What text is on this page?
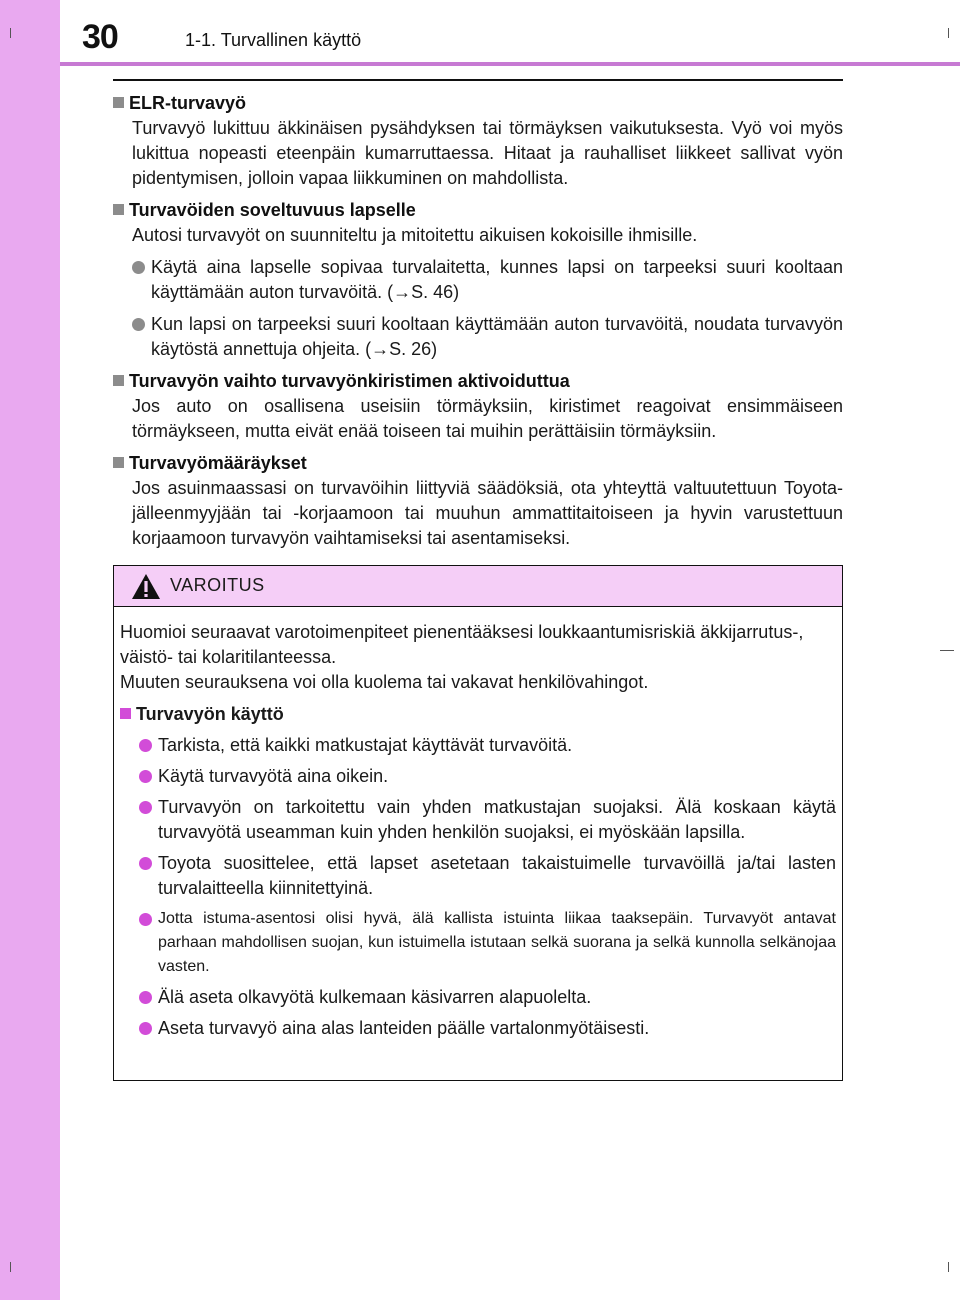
30	1-1. Turvallinen käyttö
ELR-turvavyö
Turvavyö lukittuu äkkinäisen pysähdyksen tai törmäyksen vaikutuksesta. Vyö voi myös lukittua nopeasti eteenpäin kumarruttaessa. Hitaat ja rauhalliset liikkeet sallivat vyön pidentymisen, jolloin vapaa liikkuminen on mahdollista.
Turvavöiden soveltuvuus lapselle
Autosi turvavyöt on suunniteltu ja mitoitettu aikuisen kokoisille ihmisille.
Käytä aina lapselle sopivaa turvalaitetta, kunnes lapsi on tarpeeksi suuri kooltaan käyttämään auton turvavöitä. (→S. 46)
Kun lapsi on tarpeeksi suuri kooltaan käyttämään auton turvavöitä, noudata turvavyön käytöstä annettuja ohjeita. (→S. 26)
Turvavyön vaihto turvavyönkiristimen aktivoiduttua
Jos auto on osallisena useisiin törmäyksiin, kiristimet reagoivat ensimmäiseen törmäykseen, mutta eivät enää toiseen tai muihin perättäisiin törmäyksiin.
Turvavyömääräykset
Jos asuinmaassasi on turvavöihin liittyviä säädöksiä, ota yhteyttä valtuutettuun Toyota-jälleenmyyjään tai -korjaamoon tai muuhun ammattitaitoiseen ja hyvin varustettuun korjaamoon turvavyön vaihtamiseksi tai asentamiseksi.
VAROITUS
Huomioi seuraavat varotoimenpiteet pienentääksesi loukkaantumisriskiä äkkijarrutus-, väistö- tai kolaritilanteessa.
Muuten seurauksena voi olla kuolema tai vakavat henkilövahingot.
Turvavyön käyttö
Tarkista, että kaikki matkustajat käyttävät turvavöitä.
Käytä turvavyötä aina oikein.
Turvavyön on tarkoitettu vain yhden matkustajan suojaksi. Älä koskaan käytä turvavyötä useamman kuin yhden henkilön suojaksi, ei myöskään lapsilla.
Toyota suosittelee, että lapset asetetaan takaistuimelle turvavöillä ja/tai lasten turvalaitteella kiinnitettyinä.
Jotta istuma-asentosi olisi hyvä, älä kallista istuinta liikaa taaksepäin. Turvavyöt antavat parhaan mahdollisen suojan, kun istuimella istutaan selkä suorana ja selkä kunnolla selkänojaa vasten.
Älä aseta olkavyötä kulkemaan käsivarren alapuolelta.
Aseta turvavyö aina alas lanteiden päälle vartalonmyötäisesti.
